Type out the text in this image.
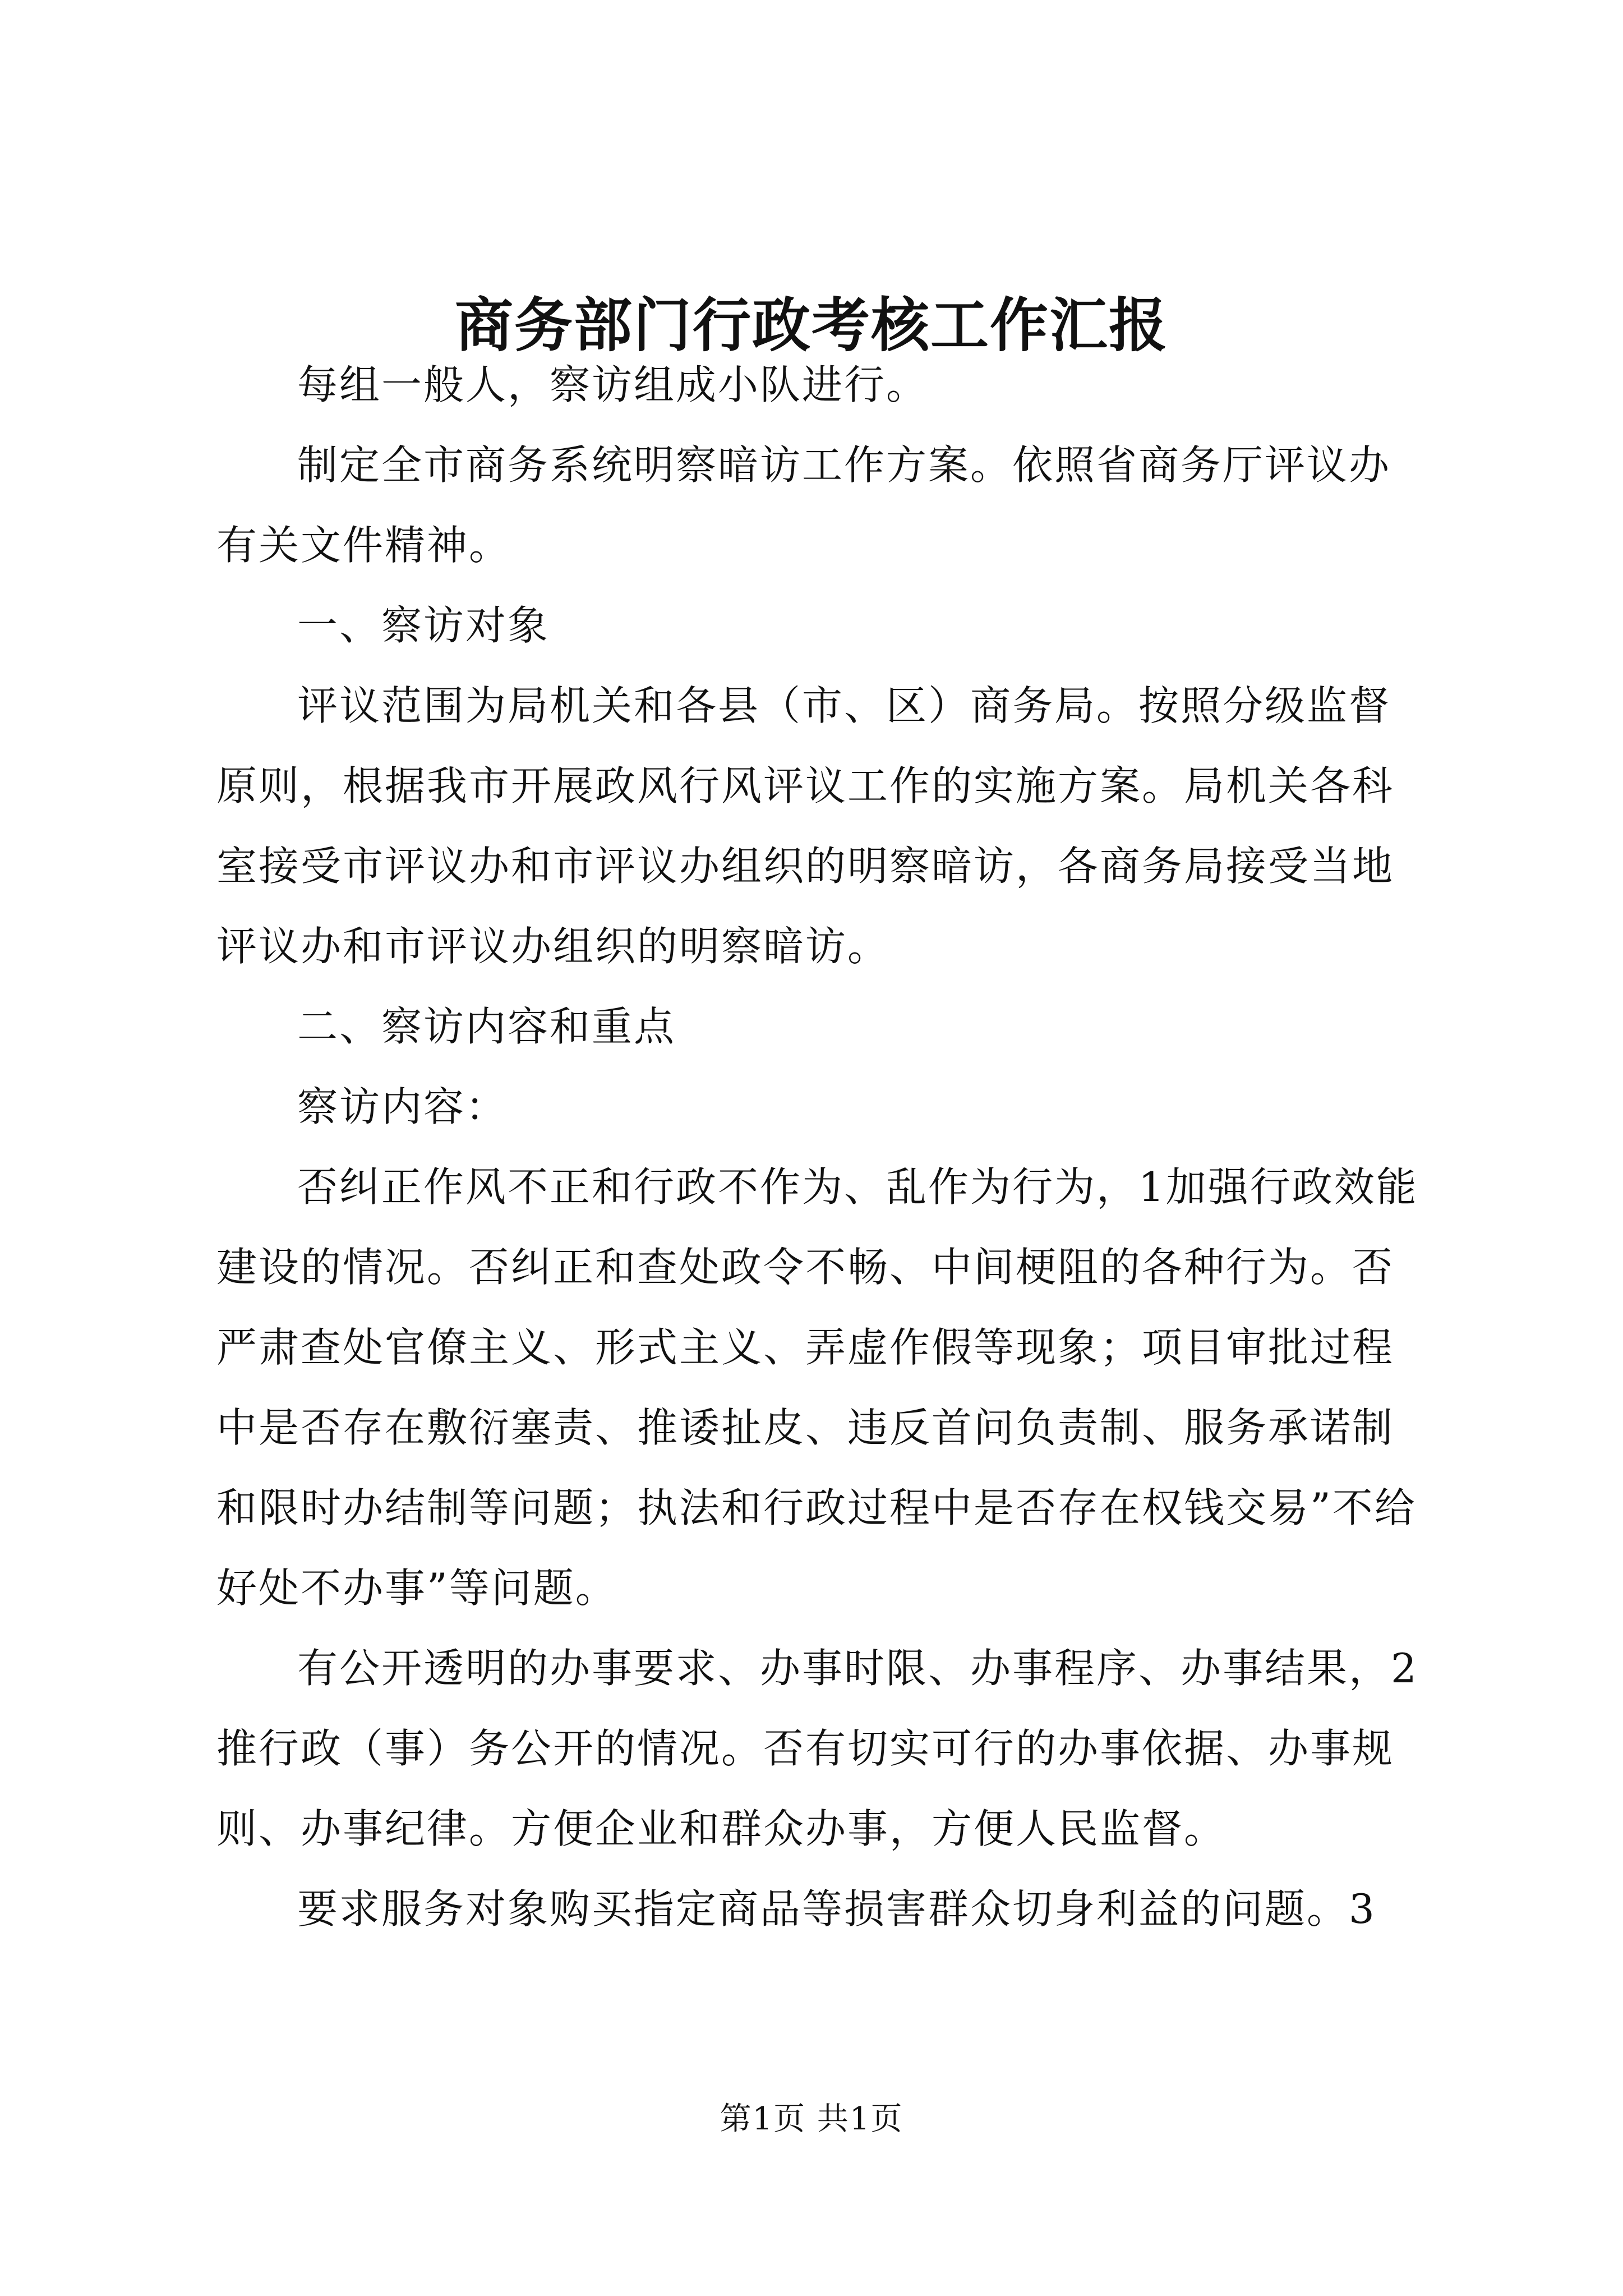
商务部门行政考核工作汇报

每组一般人，察访组成小队进行。

制定全市商务系统明察暗访工作方案。依照省商务厅评议办有关文件精神。

一、察访对象

评议范围为局机关和各县（市、区）商务局。按照分级监督原则，根据我市开展政风行风评议工作的实施方案。局机关各科室接受市评议办和市评议办组织的明察暗访，各商务局接受当地评议办和市评议办组织的明察暗访。

二、察访内容和重点

察访内容：

否纠正作风不正和行政不作为、乱作为行为，1加强行政效能建设的情况。否纠正和查处政令不畅、中间梗阻的各种行为。否严肃查处官僚主义、形式主义、弄虚作假等现象；项目审批过程中是否存在敷衍塞责、推诿扯皮、违反首问负责制、服务承诺制和限时办结制等问题；执法和行政过程中是否存在权钱交易”不给好处不办事”等问题。

有公开透明的办事要求、办事时限、办事程序、办事结果，2推行政（事）务公开的情况。否有切实可行的办事依据、办事规则、办事纪律。方便企业和群众办事，方便人民监督。

要求服务对象购买指定商品等损害群众切身利益的问题。3

第1页 共1页
